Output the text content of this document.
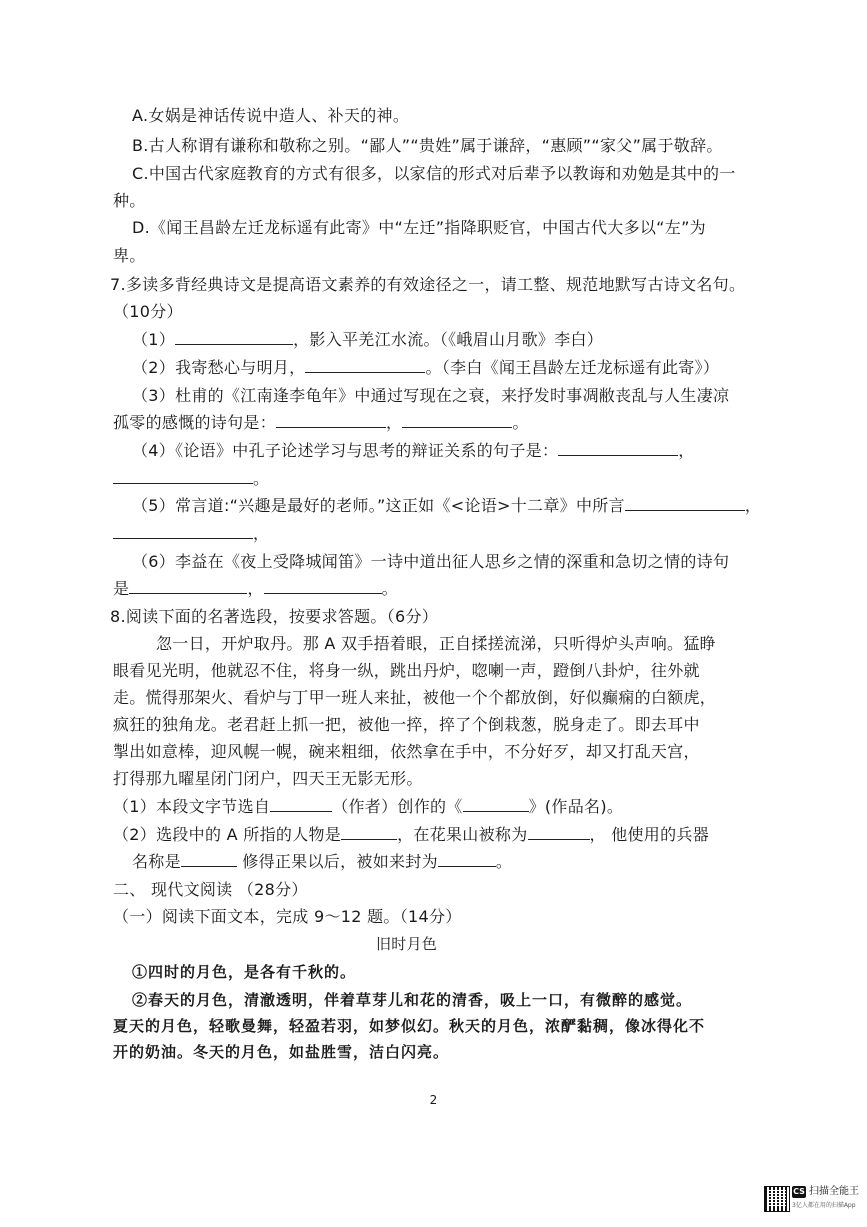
A.女娲是神话传说中造人、补天的神。
B.古人称谓有谦称和敬称之别。“鄙人”“贵姓”属于谦辞，“惠顾”“家父”属于敬辞。
C.中国古代家庭教育的方式有很多，以家信的形式对后辈予以教诲和劝勉是其中的一
种。
D.《闻王昌龄左迁龙标遥有此寄》中“左迁”指降职贬官，中国古代大多以“左”为
卑。
7.多读多背经典诗文是提高语文素养的有效途径之一，请工整、规范地默写古诗文名句。
（10分）
（1）	，影入平羌江水流。（《峨眉山月歌》李白）
（2）我寄愁心与明月，	。（李白《闻王昌龄左迁龙标遥有此寄》）
（3）杜甫的《江南逢李龟年》中通过写现在之衰，来抒发时事凋敝丧乱与人生凄凉
孤零的感慨的诗句是：	，	。
（4）《论语》中孔子论述学习与思考的辩证关系的句子是：	，
。
（5）常言道:“兴趣是最好的老师。”这正如《<论语>十二章》中所言	，
，
（6）李益在《夜上受降城闻笛》一诗中道出征人思乡之情的深重和急切之情的诗句
是	，	。
8.阅读下面的名著选段，按要求答题。（6分）
忽一日，开炉取丹。那 A 双手捂着眼，正自揉搓流涕，只听得炉头声响。猛睁
眼看见光明，他就忍不住，将身一纵，跳出丹炉，唿喇一声，蹬倒八卦炉，往外就
走。慌得那架火、看炉与丁甲一班人来扯，被他一个个都放倒，好似癫痫的白额虎，
疯狂的独角龙。老君赶上抓一把，被他一捽，捽了个倒栽葱，脱身走了。即去耳中
掣出如意棒，迎风幌一幌，碗来粗细，依然拿在手中，不分好歹，却又打乱天宫，
打得那九曜星闭门闭户，四天王无影无形。
（1）本段文字节选自	（作者）创作的《	》(作品名)。
（2）选段中的 A 所指的人物是	，在花果山被称为	， 他使用的兵器
名称是	修得正果以后，被如来封为	。
二、 现代文阅读 （28分）
（一）阅读下面文本，完成 9～12 题。（14分）
旧时月色
①四时的月色，是各有千秋的。
②春天的月色，清澈透明，伴着草芽儿和花的清香，吸上一口，有微醉的感觉。
夏天的月色，轻歌曼舞，轻盈若羽，如梦似幻。秋天的月色，浓酽黏稠，像冰得化不
开的奶油。冬天的月色，如盐胜雪，洁白闪亮。
2
CS 扫描全能王
3亿人都在用的扫描App
